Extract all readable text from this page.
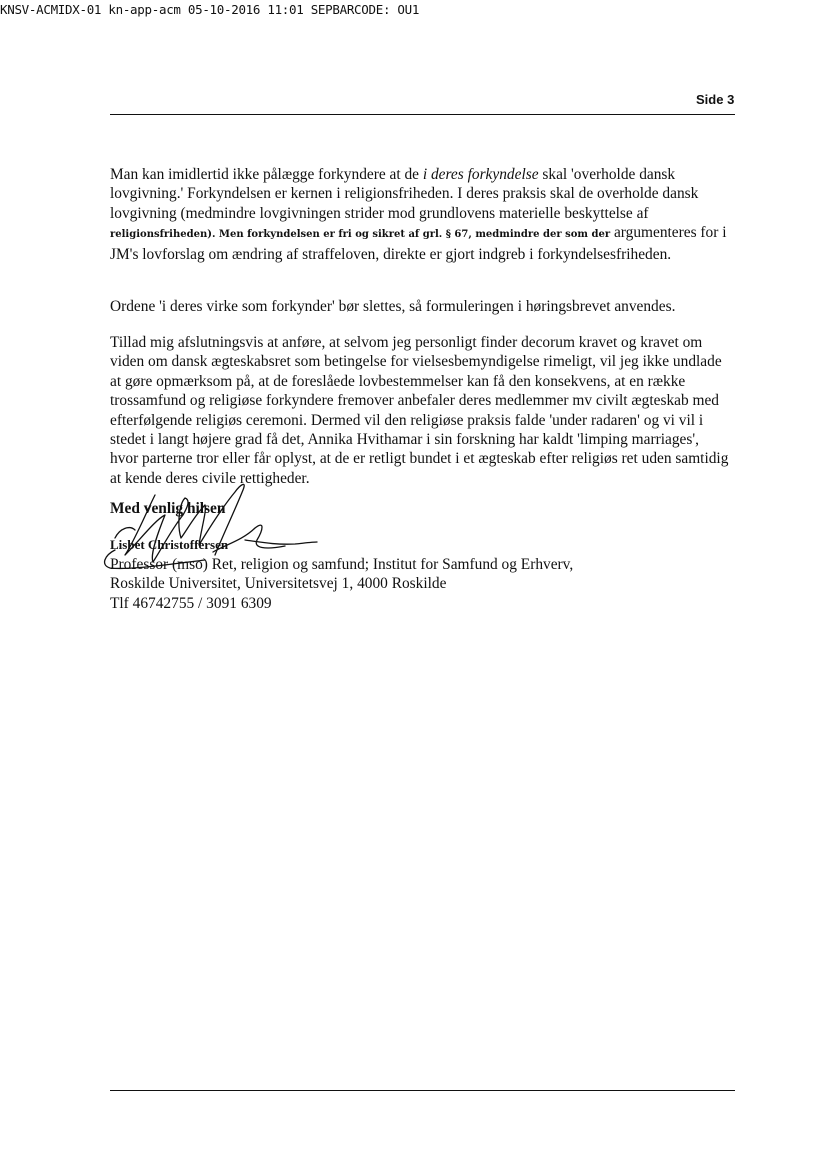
KNSV-ACMIDX-01 kn-app-acm 05-10-2016 11:01 SEPBARCODE: OU1
Side 3

Man kan imidlertid ikke pålægge forkyndere at de i deres forkyndelse skal 'overholde dansk lovgivning.' Forkyndelsen er kernen i religionsfriheden. I deres praksis skal de overholde dansk lovgivning (medmindre lovgivningen strider mod grundlovens materielle beskyttelse af religionsfriheden). Men forkyndelsen er fri og sikret af grl. § 67, medmindre der som der argumenteres for i JM's lovforslag om ændring af straffeloven, direkte er gjort indgreb i forkyndelsesfriheden.

Ordene 'i deres virke som forkynder' bør slettes, så formuleringen i høringsbrevet anvendes.

Tillad mig afslutningsvis at anføre, at selvom jeg personligt finder decorum kravet og kravet om viden om dansk ægteskabsret som betingelse for vielsesbemyndigelse rimeligt, vil jeg ikke undlade at gøre opmærksom på, at de foreslåede lovbestemmelser kan få den konsekvens, at en række trossamfund og religiøse forkyndere fremover anbefaler deres medlemmer mv civilt ægteskab med efterfølgende religiøs ceremoni. Dermed vil den religiøse praksis falde 'under radaren' og vi vil i stedet i langt højere grad få det, Annika Hvithamar i sin forskning har kaldt 'limping marriages', hvor parterne tror eller får oplyst, at de er retligt bundet i et ægteskab efter religiøs ret uden samtidig at kende deres civile rettigheder.

Med venlig hilsen
Lisbet Christoffersen
Professor (mso) Ret, religion og samfund; Institut for Samfund og Erhverv,
Roskilde Universitet, Universitetsvej 1, 4000 Roskilde
Tlf 46742755 / 3091 6309
